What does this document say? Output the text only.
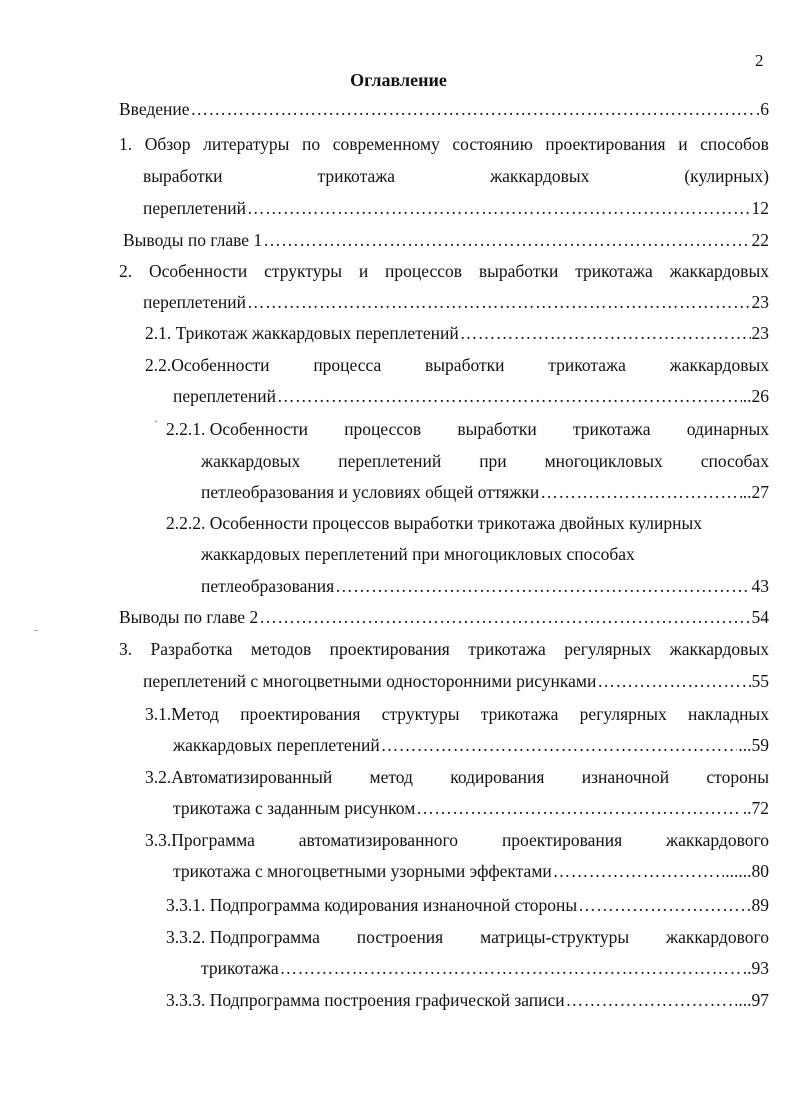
2
Оглавление
Введение ………………………………………………………………………………………………………………………………………………………………………………………………………………………	.6
1. Обзор литературы по современному состоянию проектирования и способов
выработки	трикотажа	жаккардовых	(кулирных)
переплетений ………………………………………………………………………………………………………………………………………………………………………………………………………………………	12
Выводы по главе 1 ………………………………………………………………………………………………………………………………………………………………………………………………………………………	22
2. Особенности структуры и процессов выработки трикотажа жаккардовых
переплетений ………………………………………………………………………………………………………………………………………………………………………………………………………………………	23
2.1. Трикотаж жаккардовых переплетений ………………………………………………………………………………………………………………………………………………………………………………………………………………………	23
2.2.Особенности	процесса	выработки	трикотажа	жаккардовых
переплетений ………………………………………………………………………………………………………………………………………………………………………………………………………………………	..26
2.2.1. Особенности процессов выработки трикотажа одинарных
жаккардовых переплетений при многоцикловых способах
петлеобразования и условиях общей оттяжки ………………………………………………………………………………………………………………………………………………………………………………………………………………………	..27
2.2.2. Особенности процессов выработки трикотажа двойных кулирных
жаккардовых переплетений при многоцикловых способах
петлеобразования ………………………………………………………………………………………………………………………………………………………………………………………………………………………	43
Выводы по главе 2 ………………………………………………………………………………………………………………………………………………………………………………………………………………………	54
3. Разработка методов проектирования трикотажа регулярных жаккардовых
переплетений с многоцветными односторонними рисунками ………………………………………………………………………………………………………………………………………………………………………………………………………………………	55
3.1.Метод проектирования структуры трикотажа регулярных накладных
жаккардовых переплетений ………………………………………………………………………………………………………………………………………………………………………………………………………………………	...59
3.2.Автоматизированный метод кодирования изнаночной стороны
трикотажа с заданным рисунком ………………………………………………………………………………………………………………………………………………………………………………………………………………………	..72
3.3.Программа	автоматизированного	проектирования	жаккардового
трикотажа с многоцветными узорными эффектами ………………………………………………………………………………………………………………………………………………………………………………………………………………………	......80
3.3.1. Подпрограмма кодирования изнаночной стороны ………………………………………………………………………………………………………………………………………………………………………………………………………………………	89
3.3.2. Подпрограмма построения матрицы-структуры жаккардового
трикотажа ………………………………………………………………………………………………………………………………………………………………………………………………………………………	..93
3.3.3. Подпрограмма построения графической записи ………………………………………………………………………………………………………………………………………………………………………………………………………………………	...97
ˊ
ˍ
